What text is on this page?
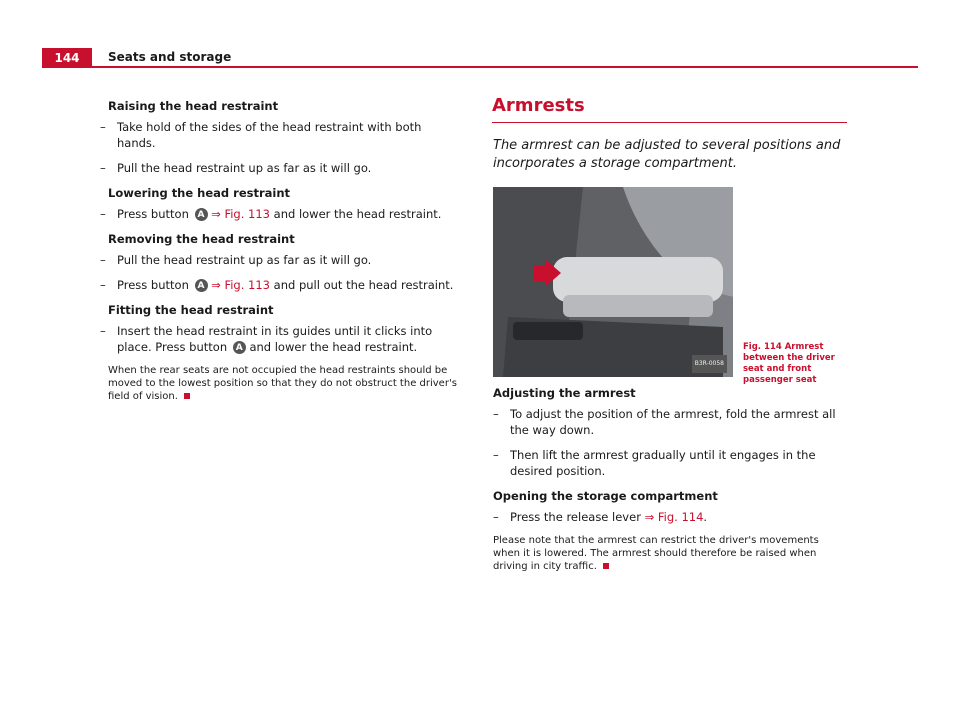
144	Seats and storage
Raising the head restraint
– Take hold of the sides of the head restraint with both hands.
– Pull the head restraint up as far as it will go.
Lowering the head restraint
– Press button A ⇒ Fig. 113 and lower the head restraint.
Removing the head restraint
– Pull the head restraint up as far as it will go.
– Press button A ⇒ Fig. 113 and pull out the head restraint.
Fitting the head restraint
– Insert the head restraint in its guides until it clicks into place. Press button A and lower the head restraint.
When the rear seats are not occupied the head restraints should be moved to the lowest position so that they do not obstruct the driver's field of vision.
Armrests
The armrest can be adjusted to several positions and incorporates a storage compartment.
B3R-0058
Fig. 114 Armrest between the driver seat and front passenger seat
Adjusting the armrest
– To adjust the position of the armrest, fold the armrest all the way down.
– Then lift the armrest gradually until it engages in the desired position.
Opening the storage compartment
– Press the release lever ⇒ Fig. 114.
Please note that the armrest can restrict the driver's movements when it is lowered. The armrest should therefore be raised when driving in city traffic.
